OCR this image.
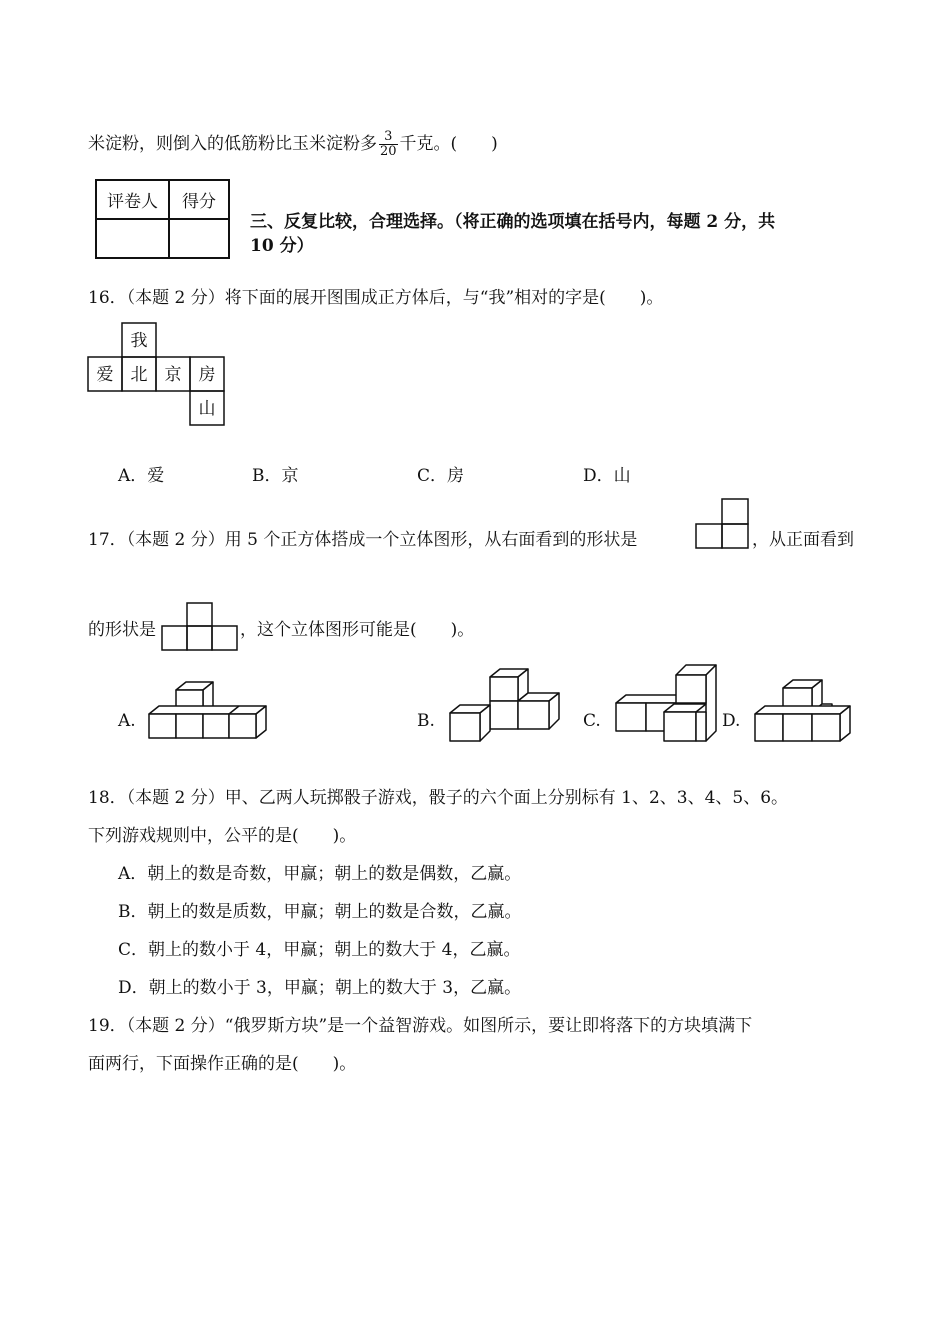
米淀粉，则倒入的低筋粉比玉米淀粉多 $\frac{3}{20}$ 千克。(　　)
评卷人	得分

三、反复比较，合理选择。（将正确的选项填在括号内，每题 2 分，共
10 分）
16．（本题 2 分）将下面的展开图围成正方体后，与“我”相对的字是(　　)。
我
爱 北 京 房
山
A．爱	B．京	C．房	D．山
17．（本题 2 分）用 5 个正方体搭成一个立体图形，从右面看到的形状是	，从正面看到
的形状是	，这个立体图形可能是(　　)。
A.	B.	C.	D.
18．（本题 2 分）甲、乙两人玩掷骰子游戏，骰子的六个面上分别标有 1、2、3、4、5、6。
下列游戏规则中，公平的是(　　)。
A．朝上的数是奇数，甲赢；朝上的数是偶数，乙赢。
B．朝上的数是质数，甲赢；朝上的数是合数，乙赢。
C．朝上的数小于 4，甲赢；朝上的数大于 4，乙赢。
D．朝上的数小于 3，甲赢；朝上的数大于 3，乙赢。
19．（本题 2 分）“俄罗斯方块”是一个益智游戏。如图所示，要让即将落下的方块填满下
面两行，下面操作正确的是(　　)。
